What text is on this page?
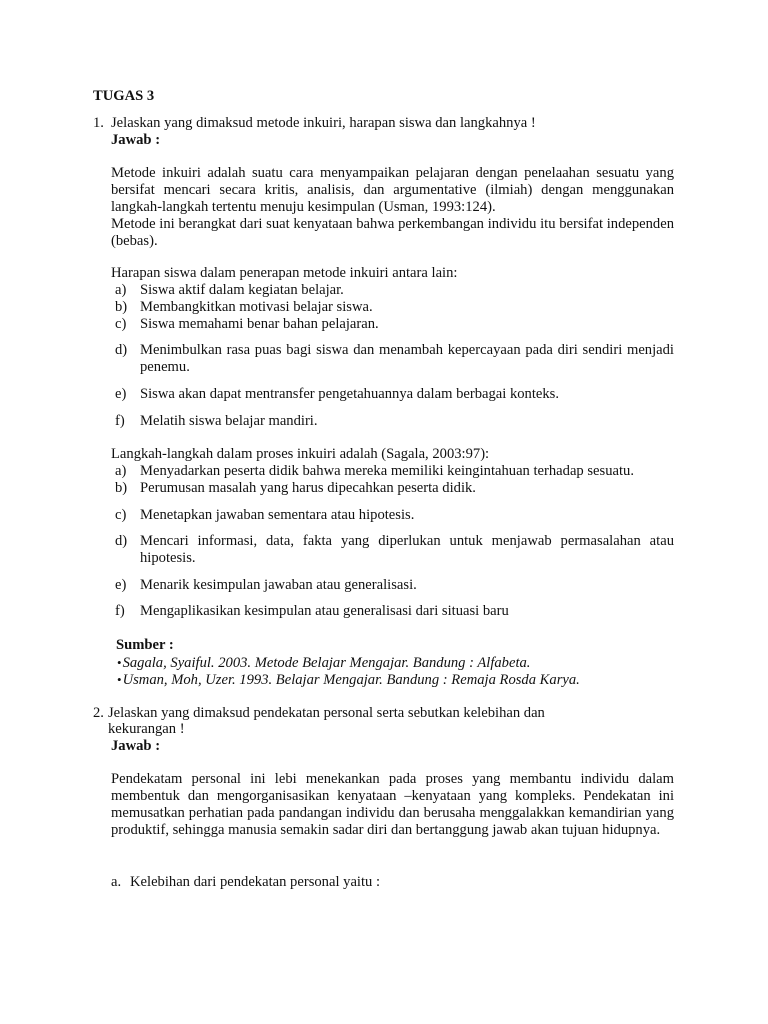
TUGAS 3
1. Jelaskan yang dimaksud metode inkuiri, harapan siswa dan langkahnya !
Jawab :

Metode inkuiri adalah suatu cara menyampaikan pelajaran dengan penelaahan sesuatu yang bersifat mencari secara kritis, analisis, dan argumentative (ilmiah) dengan menggunakan langkah-langkah tertentu menuju kesimpulan (Usman, 1993:124).

Metode ini berangkat dari suat kenyataan bahwa perkembangan individu itu bersifat independen (bebas).

Harapan siswa dalam penerapan metode inkuiri antara lain:
a) Siswa aktif dalam kegiatan belajar.
b) Membangkitkan motivasi belajar siswa.
c) Siswa memahami benar bahan pelajaran.
d) Menimbulkan rasa puas bagi siswa dan menambah kepercayaan pada diri sendiri menjadi penemu.
e) Siswa akan dapat mentransfer pengetahuannya dalam berbagai konteks.
f) Melatih siswa belajar mandiri.
Langkah-langkah dalam proses inkuiri adalah (Sagala, 2003:97):
a) Menyadarkan peserta didik bahwa mereka memiliki keingintahuan terhadap sesuatu.
b) Perumusan masalah yang harus dipecahkan peserta didik.
c) Menetapkan jawaban sementara atau hipotesis.
d) Mencari informasi, data, fakta yang diperlukan untuk menjawab permasalahan atau hipotesis.
e) Menarik kesimpulan jawaban atau generalisasi.
f) Mengaplikasikan kesimpulan atau generalisasi dari situasi baru
Sumber :
•Sagala, Syaiful. 2003. Metode Belajar Mengajar. Bandung : Alfabeta.
•Usman, Moh, Uzer. 1993. Belajar Mengajar. Bandung : Remaja Rosda Karya.
2. Jelaskan yang dimaksud pendekatan personal serta sebutkan kelebihan dan
kekurangan !
Jawab :

Pendekatam personal ini lebi menekankan pada proses yang membantu individu dalam membentuk dan mengorganisasikan kenyataan –kenyataan yang kompleks. Pendekatan ini memusatkan perhatian pada pandangan individu dan berusaha menggalakkan kemandirian yang produktif, sehingga manusia semakin sadar diri dan bertanggung jawab akan tujuan hidupnya.

a. Kelebihan dari pendekatan personal yaitu :
